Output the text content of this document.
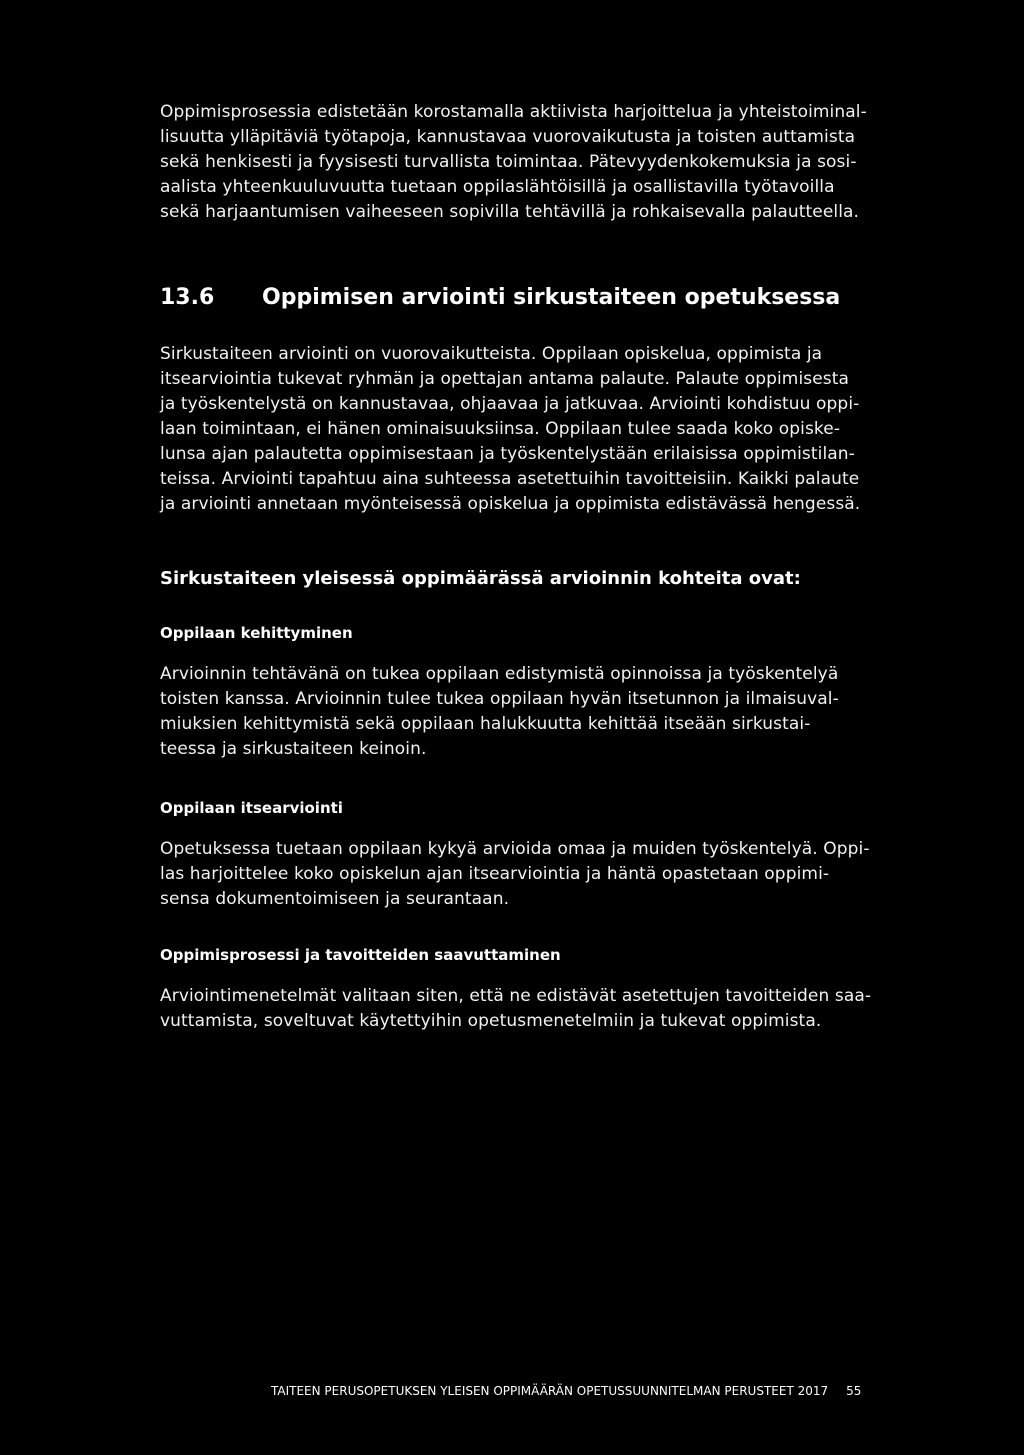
Oppimisprosessia edistetään korostamalla aktiivista harjoittelua ja yhteistoiminal-
lisuutta ylläpitäviä työtapoja, kannustavaa vuorovaikutusta ja toisten auttamista
sekä henkisesti ja fyysisesti turvallista toimintaa. Pätevyydenkokemuksia ja sosi-
aalista yhteenkuuluvuutta tuetaan oppilaslähtöisillä ja osallistavilla työtavoilla
sekä harjaantumisen vaiheeseen sopivilla tehtävillä ja rohkaisevalla palautteella.
13.6 Oppimisen arviointi sirkustaiteen opetuksessa
Sirkustaiteen arviointi on vuorovaikutteista. Oppilaan opiskelua, oppimista ja
itsearviointia tukevat ryhmän ja opettajan antama palaute. Palaute oppimisesta
ja työskentelystä on kannustavaa, ohjaavaa ja jatkuvaa. Arviointi kohdistuu oppi-
laan toimintaan, ei hänen ominaisuuksiinsa. Oppilaan tulee saada koko opiske-
lunsa ajan palautetta oppimisestaan ja työskentelystään erilaisissa oppimistilan-
teissa. Arviointi tapahtuu aina suhteessa asetettuihin tavoitteisiin. Kaikki palaute
ja arviointi annetaan myönteisessä opiskelua ja oppimista edistävässä hengessä.
Sirkustaiteen yleisessä oppimäärässä arvioinnin kohteita ovat:
Oppilaan kehittyminen
Arvioinnin tehtävänä on tukea oppilaan edistymistä opinnoissa ja työskentelyä
toisten kanssa. Arvioinnin tulee tukea oppilaan hyvän itsetunnon ja ilmaisuval-
miuksien kehittymistä sekä oppilaan halukkuutta kehittää itseään sirkustai-
teessa ja sirkustaiteen keinoin.
Oppilaan itsearviointi
Opetuksessa tuetaan oppilaan kykyä arvioida omaa ja muiden työskentelyä. Oppi-
las harjoittelee koko opiskelun ajan itsearviointia ja häntä opastetaan oppimi-
sensa dokumentoimiseen ja seurantaan.
Oppimisprosessi ja tavoitteiden saavuttaminen
Arviointimenetelmät valitaan siten, että ne edistävät asetettujen tavoitteiden saa-
vuttamista, soveltuvat käytettyihin opetusmenetelmiin ja tukevat oppimista.
TAITEEN PERUSOPETUKSEN YLEISEN OPPIMÄÄRÄN OPETUSSUUNNITELMAN PERUSTEET 2017 55
